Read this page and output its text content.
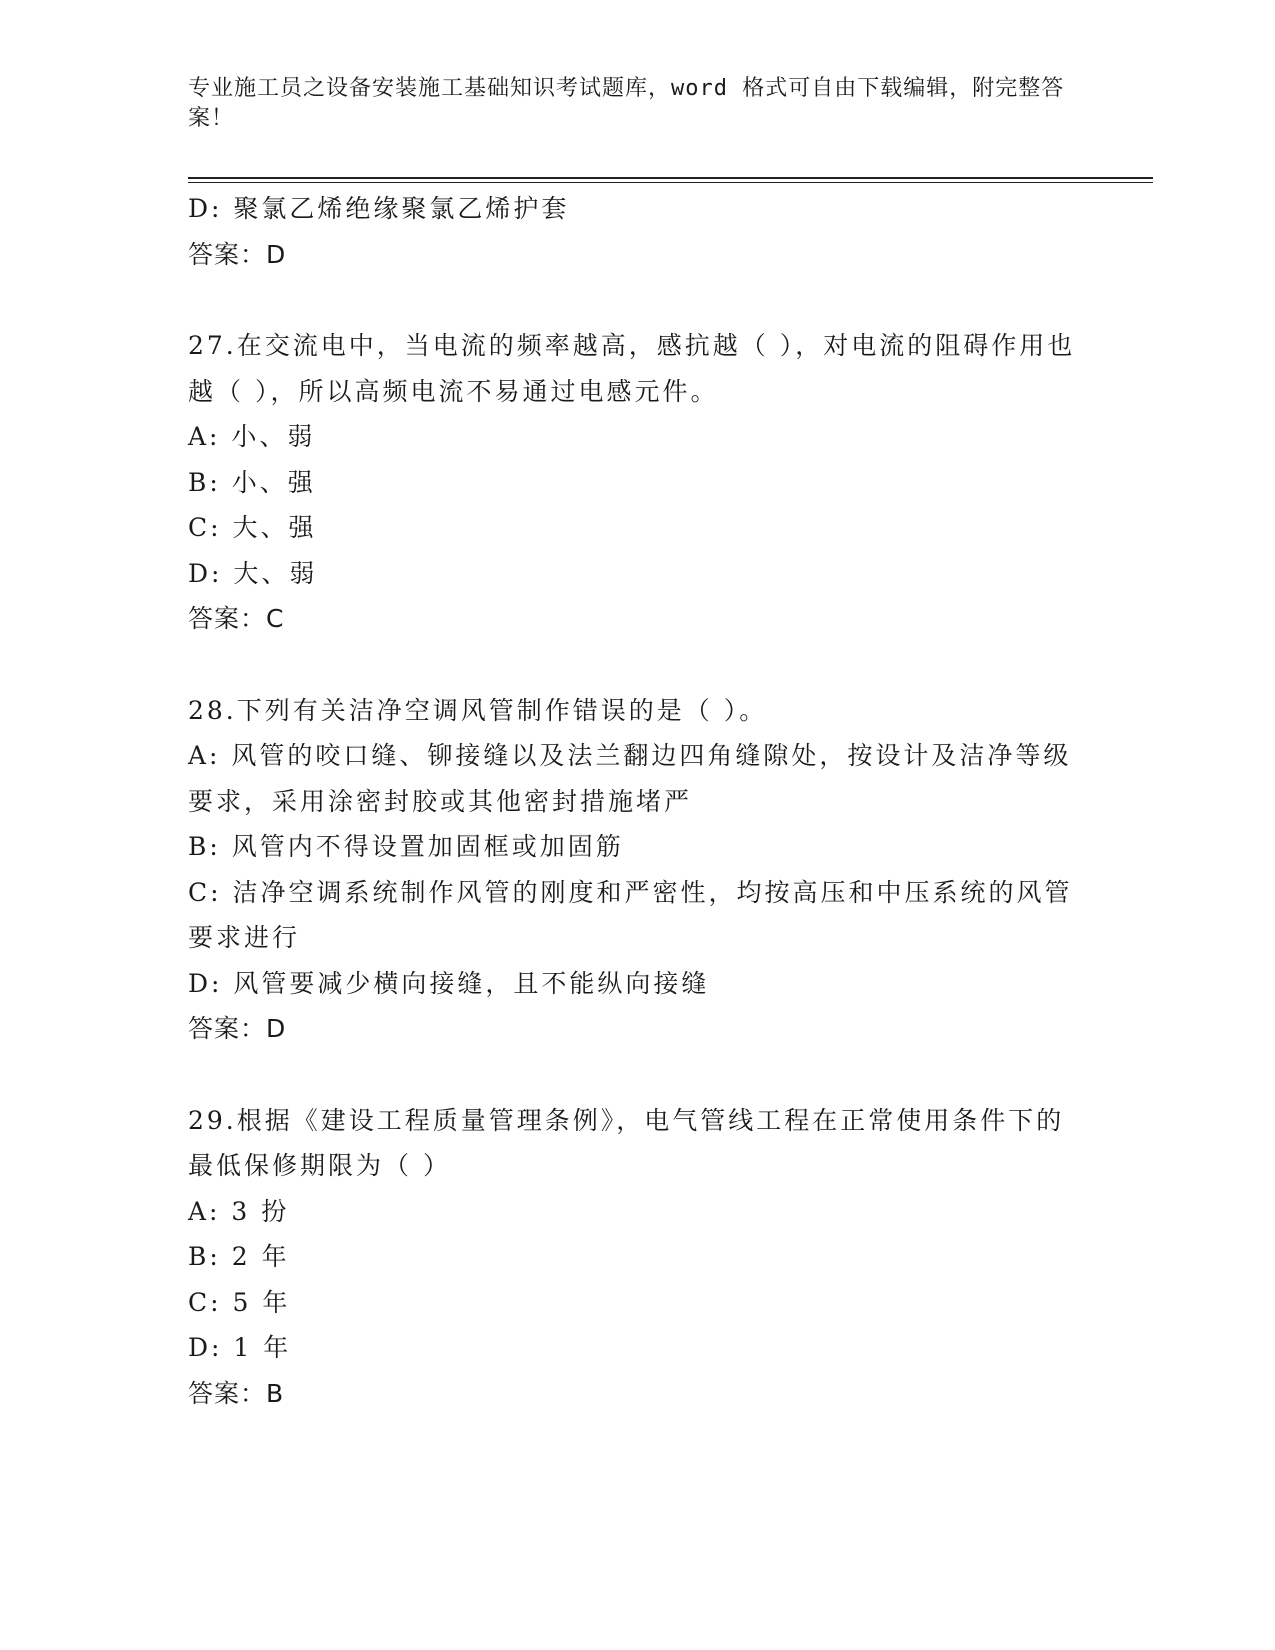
专业施工员之设备安装施工基础知识考试题库，word 格式可自由下载编辑，附完整答案！
D: 聚氯乙烯绝缘聚氯乙烯护套
答案：D
27.在交流电中，当电流的频率越高，感抗越（ ），对电流的阻碍作用也越（ ），所以高频电流不易通过电感元件。
A: 小、弱
B: 小、强
C: 大、强
D: 大、弱
答案：C
28.下列有关洁净空调风管制作错误的是（ ）。
A: 风管的咬口缝、铆接缝以及法兰翻边四角缝隙处，按设计及洁净等级要求，采用涂密封胶或其他密封措施堵严
B: 风管内不得设置加固框或加固筋
C: 洁净空调系统制作风管的刚度和严密性，均按高压和中压系统的风管要求进行
D: 风管要减少横向接缝，且不能纵向接缝
答案：D
29.根据《建设工程质量管理条例》，电气管线工程在正常使用条件下的最低保修期限为（ ）
A: 3 扮
B: 2 年
C: 5 年
D: 1 年
答案：B
